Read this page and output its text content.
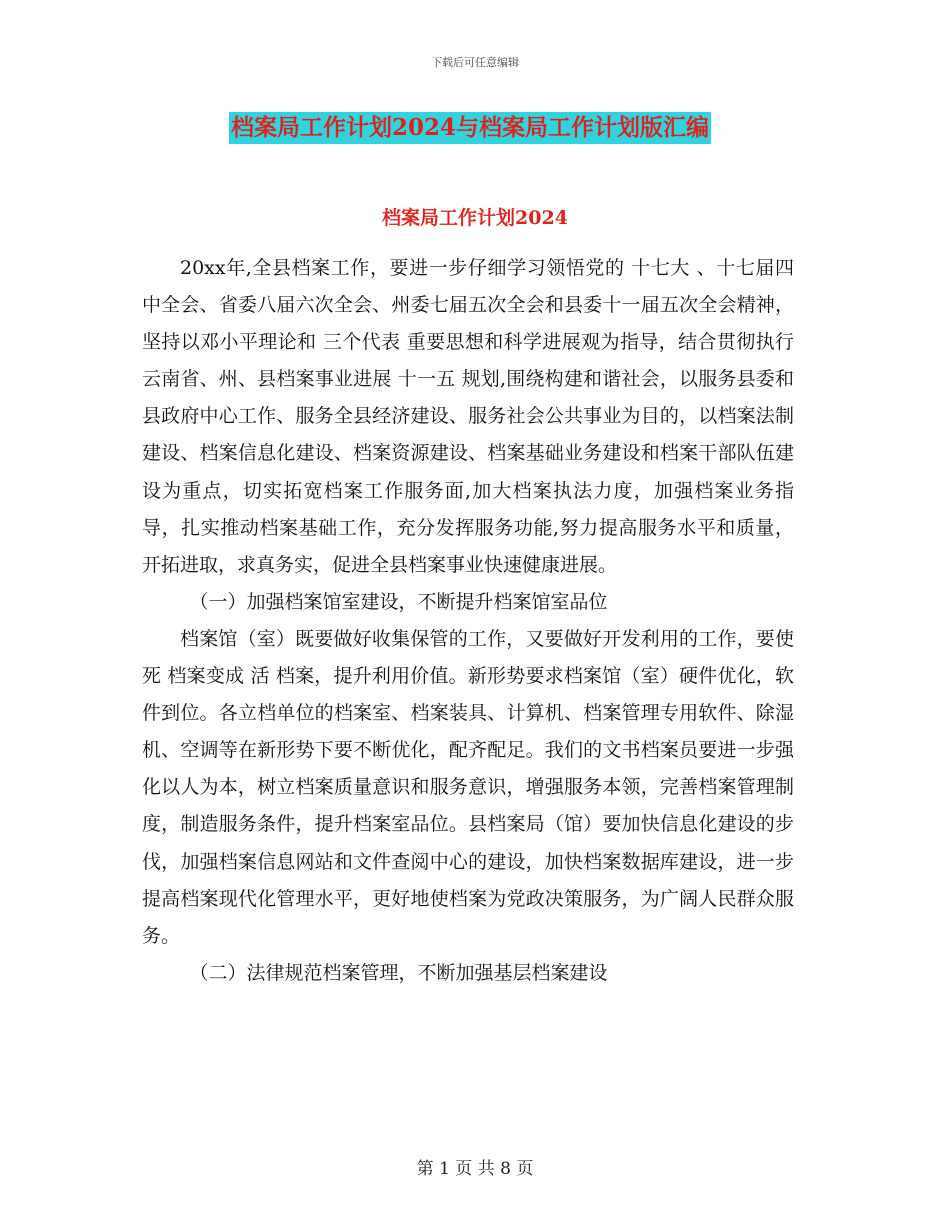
下载后可任意编辑
档案局工作计划2024与档案局工作计划版汇编
档案局工作计划2024

20xx年,全县档案工作，要进一步仔细学习领悟党的 十七大 、十七届四中全会、省委八届六次全会、州委七届五次全会和县委十一届五次全会精神，坚持以邓小平理论和 三个代表 重要思想和科学进展观为指导，结合贯彻执行云南省、州、县档案事业进展 十一五 规划,围绕构建和谐社会，以服务县委和县政府中心工作、服务全县经济建设、服务社会公共事业为目的，以档案法制建设、档案信息化建设、档案资源建设、档案基础业务建设和档案干部队伍建设为重点，切实拓宽档案工作服务面,加大档案执法力度，加强档案业务指导，扎实推动档案基础工作，充分发挥服务功能,努力提高服务水平和质量，开拓进取，求真务实，促进全县档案事业快速健康进展。

（一）加强档案馆室建设，不断提升档案馆室品位

档案馆（室）既要做好收集保管的工作，又要做好开发利用的工作，要使 死 档案变成 活 档案，提升利用价值。新形势要求档案馆（室）硬件优化，软件到位。各立档单位的档案室、档案装具、计算机、档案管理专用软件、除湿机、空调等在新形势下要不断优化，配齐配足。我们的文书档案员要进一步强化以人为本，树立档案质量意识和服务意识，增强服务本领，完善档案管理制度，制造服务条件，提升档案室品位。县档案局（馆）要加快信息化建设的步伐，加强档案信息网站和文件查阅中心的建设，加快档案数据库建设，进一步提高档案现代化管理水平，更好地使档案为党政决策服务，为广阔人民群众服务。

（二）法律规范档案管理，不断加强基层档案建设

第 1 页 共 8 页
